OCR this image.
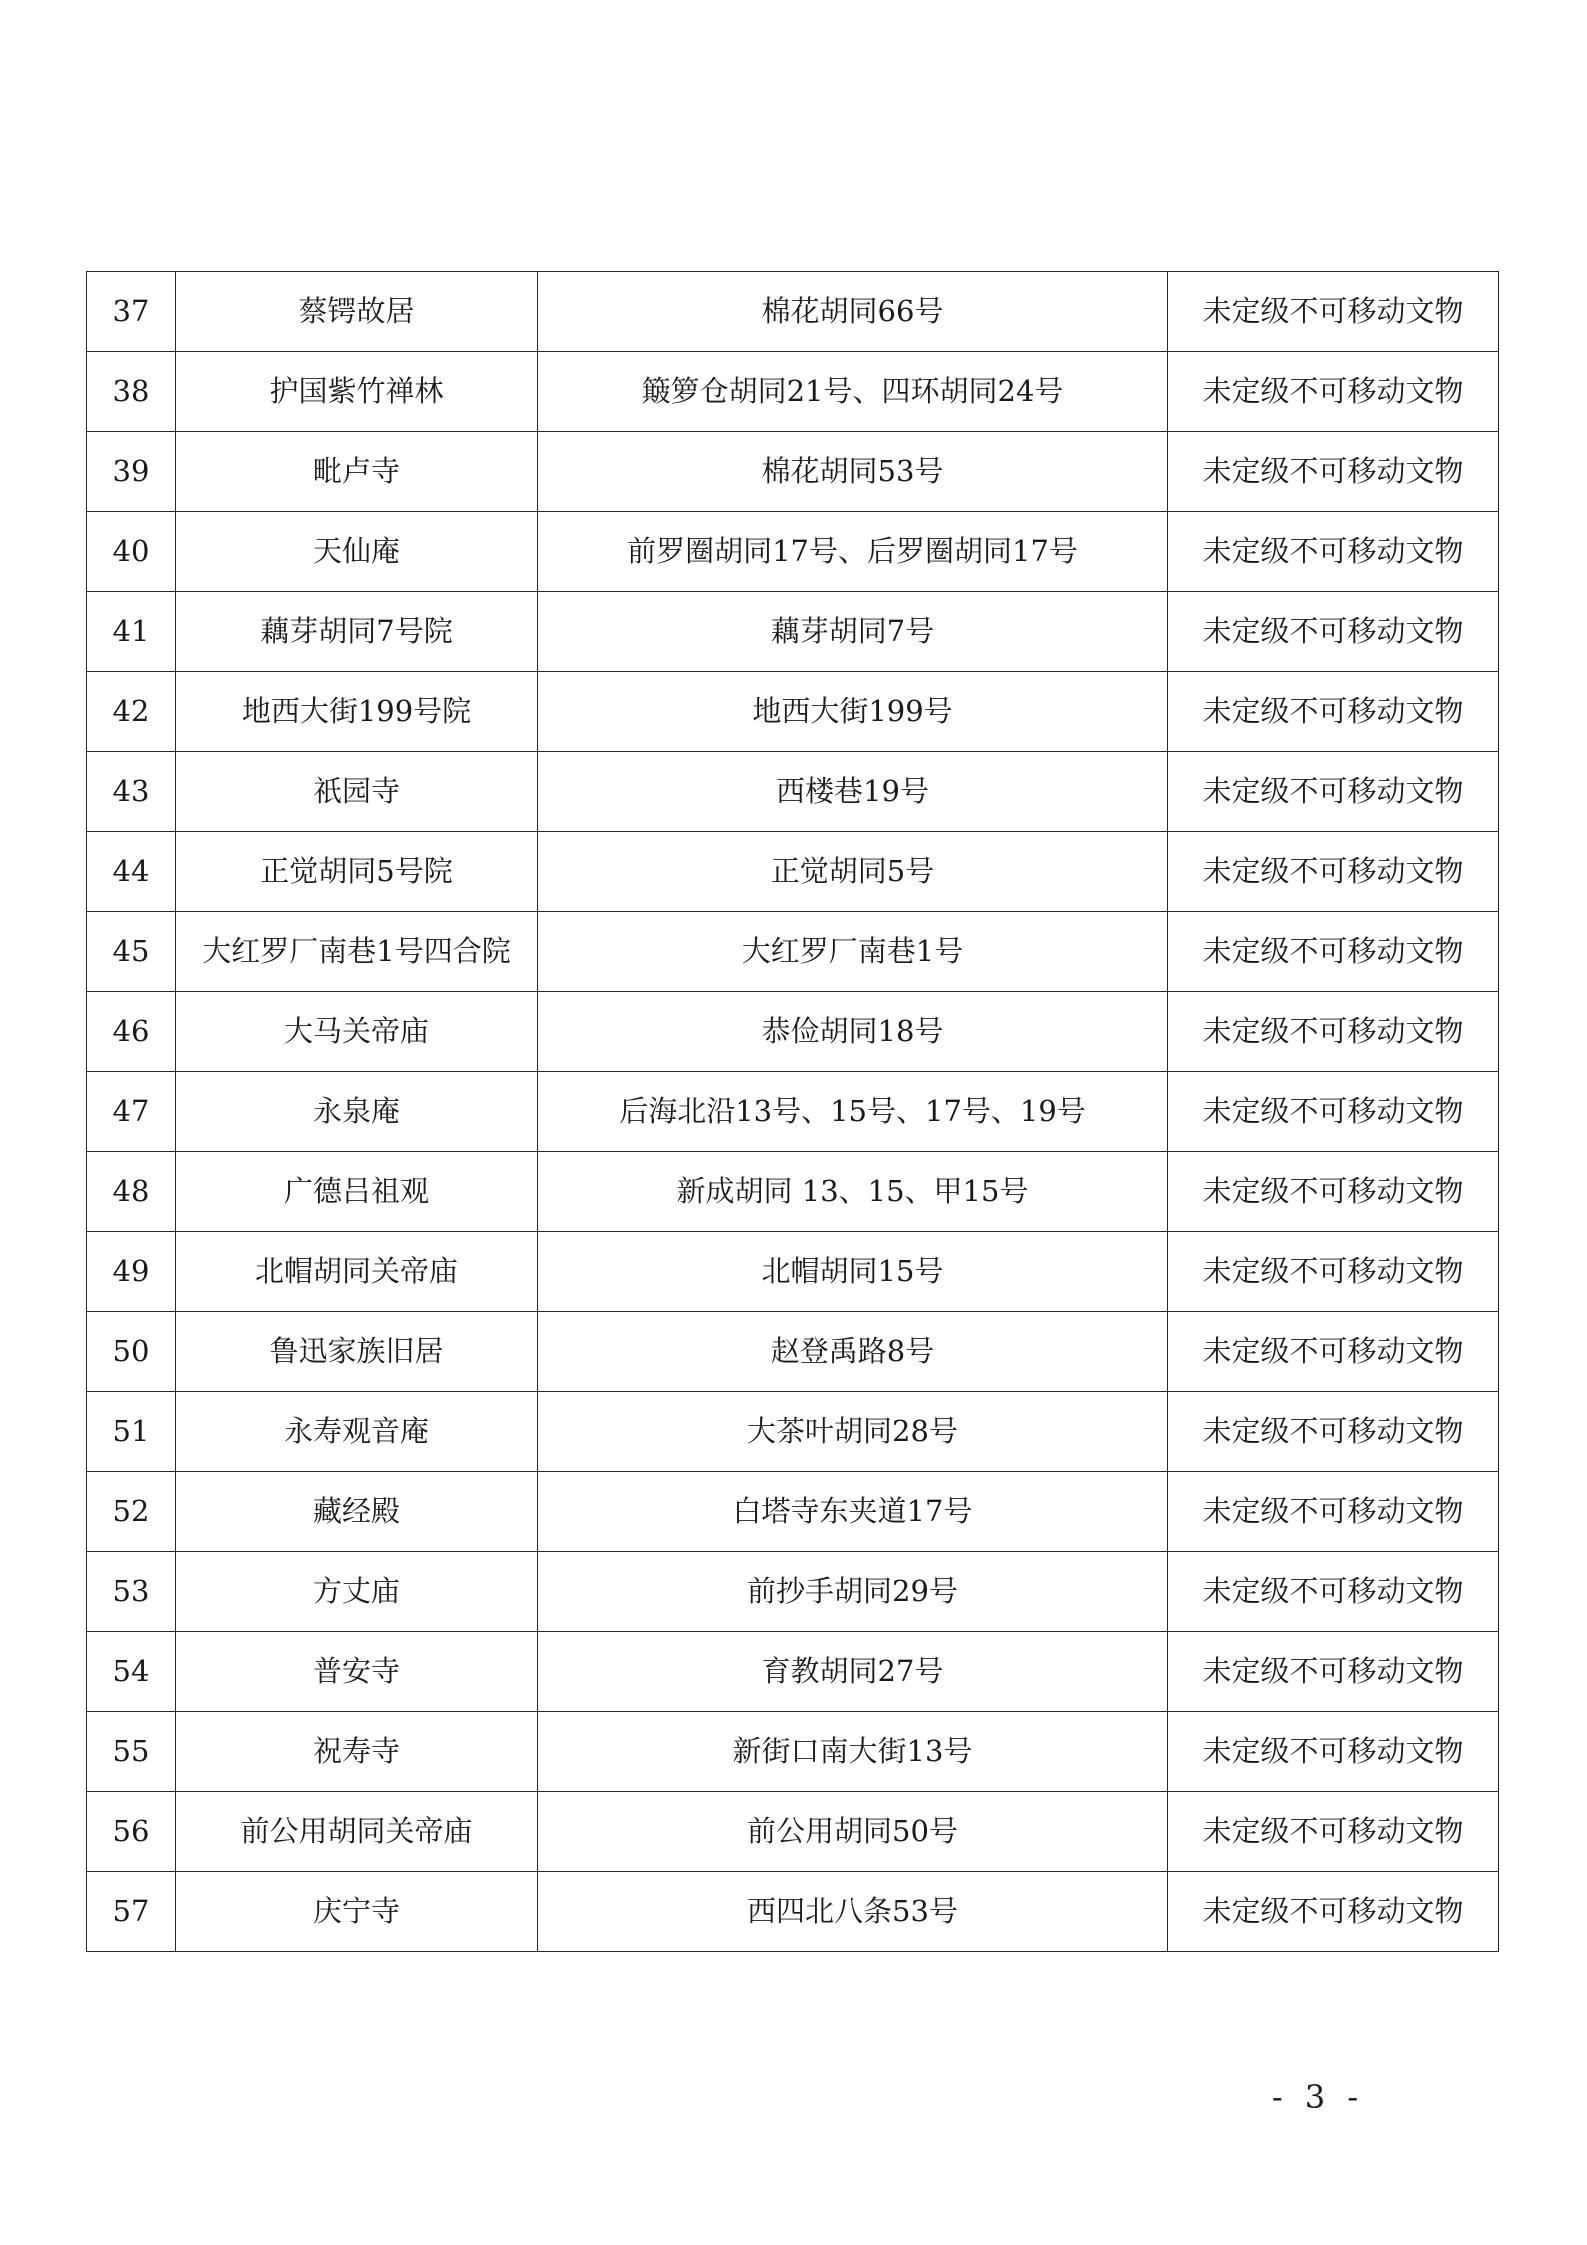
37	蔡锷故居	棉花胡同66号	未定级不可移动文物
38	护国紫竹禅林	簸箩仓胡同21号、四环胡同24号	未定级不可移动文物
39	毗卢寺	棉花胡同53号	未定级不可移动文物
40	天仙庵	前罗圈胡同17号、后罗圈胡同17号	未定级不可移动文物
41	藕芽胡同7号院	藕芽胡同7号	未定级不可移动文物
42	地西大街199号院	地西大街199号	未定级不可移动文物
43	祇园寺	西楼巷19号	未定级不可移动文物
44	正觉胡同5号院	正觉胡同5号	未定级不可移动文物
45	大红罗厂南巷1号四合院	大红罗厂南巷1号	未定级不可移动文物
46	大马关帝庙	恭俭胡同18号	未定级不可移动文物
47	永泉庵	后海北沿13号、15号、17号、19号	未定级不可移动文物
48	广德吕祖观	新成胡同 13、15、甲15号	未定级不可移动文物
49	北帽胡同关帝庙	北帽胡同15号	未定级不可移动文物
50	鲁迅家族旧居	赵登禹路8号	未定级不可移动文物
51	永寿观音庵	大茶叶胡同28号	未定级不可移动文物
52	藏经殿	白塔寺东夹道17号	未定级不可移动文物
53	方丈庙	前抄手胡同29号	未定级不可移动文物
54	普安寺	育教胡同27号	未定级不可移动文物
55	祝寿寺	新街口南大街13号	未定级不可移动文物
56	前公用胡同关帝庙	前公用胡同50号	未定级不可移动文物
57	庆宁寺	西四北八条53号	未定级不可移动文物
- 3 -
